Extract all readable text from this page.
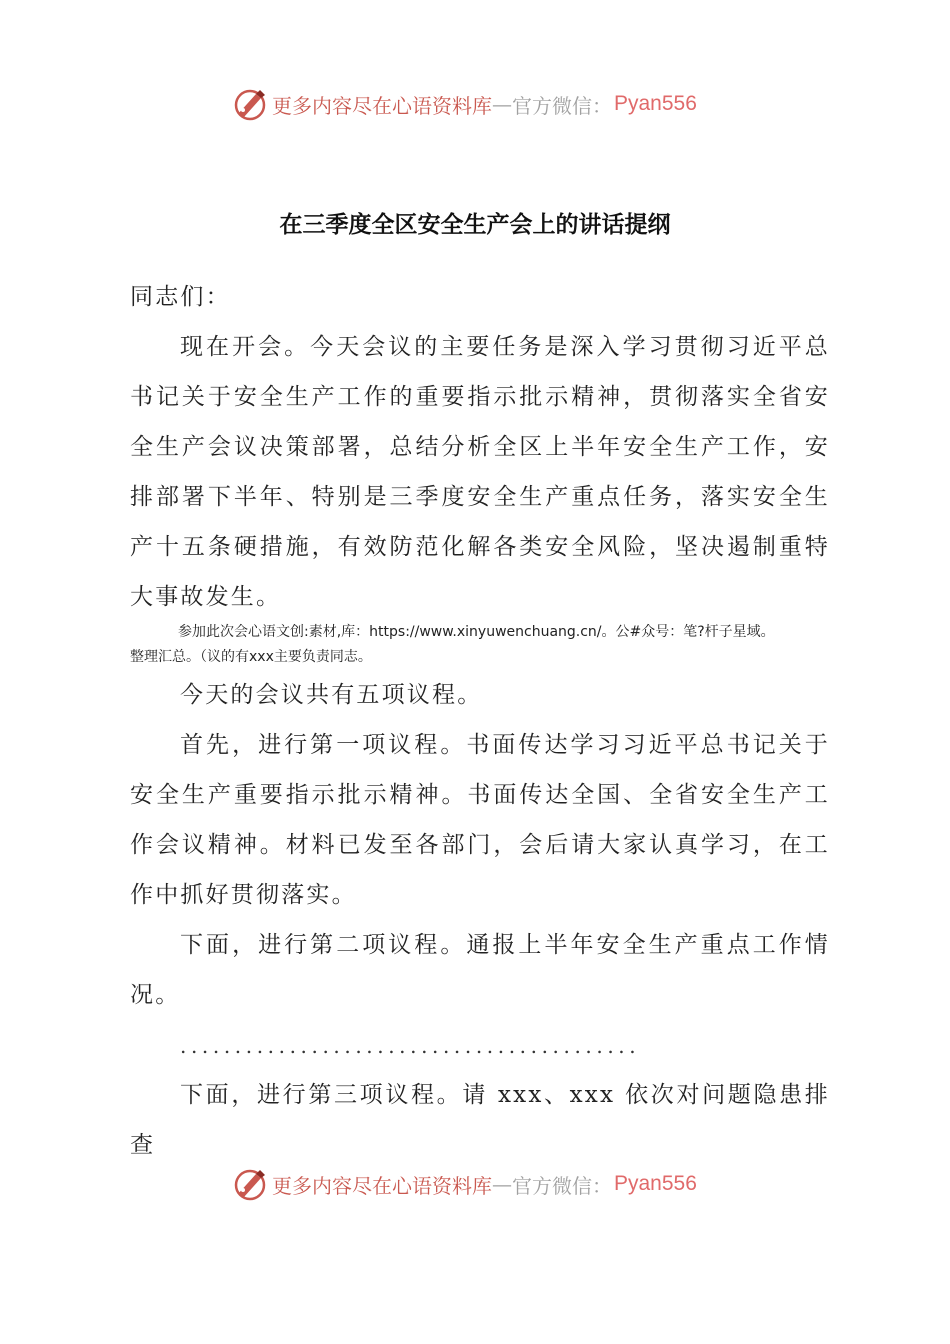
更多内容尽在心语资料库 — 官方微信： Pyan556
在三季度全区安全生产会上的讲话提纲

同志们：

现在开会。今天会议的主要任务是深入学习贯彻习近平总书记关于安全生产工作的重要指示批示精神，贯彻落实全省安全生产会议决策部署，总结分析全区上半年安全生产工作，安排部署下半年、特别是三季度安全生产重点任务，落实安全生产十五条硬措施，有效防范化解各类安全风险，坚决遏制重特大事故发生。

参加此次会心语文创:素材,库：https://www.xinyuwenchuang.cn/。公#众号：笔?杆子星域。
整理汇总。（议的有xxx主要负责同志。

今天的会议共有五项议程。

首先，进行第一项议程。书面传达学习习近平总书记关于安全生产重要指示批示精神。书面传达全国、全省安全生产工作会议精神。材料已发至各部门，会后请大家认真学习，在工作中抓好贯彻落实。

下面，进行第二项议程。通报上半年安全生产重点工作情况。

..........................................

下面，进行第三项议程。请 xxx、xxx 依次对问题隐患排查

更多内容尽在心语资料库 — 官方微信： Pyan556
